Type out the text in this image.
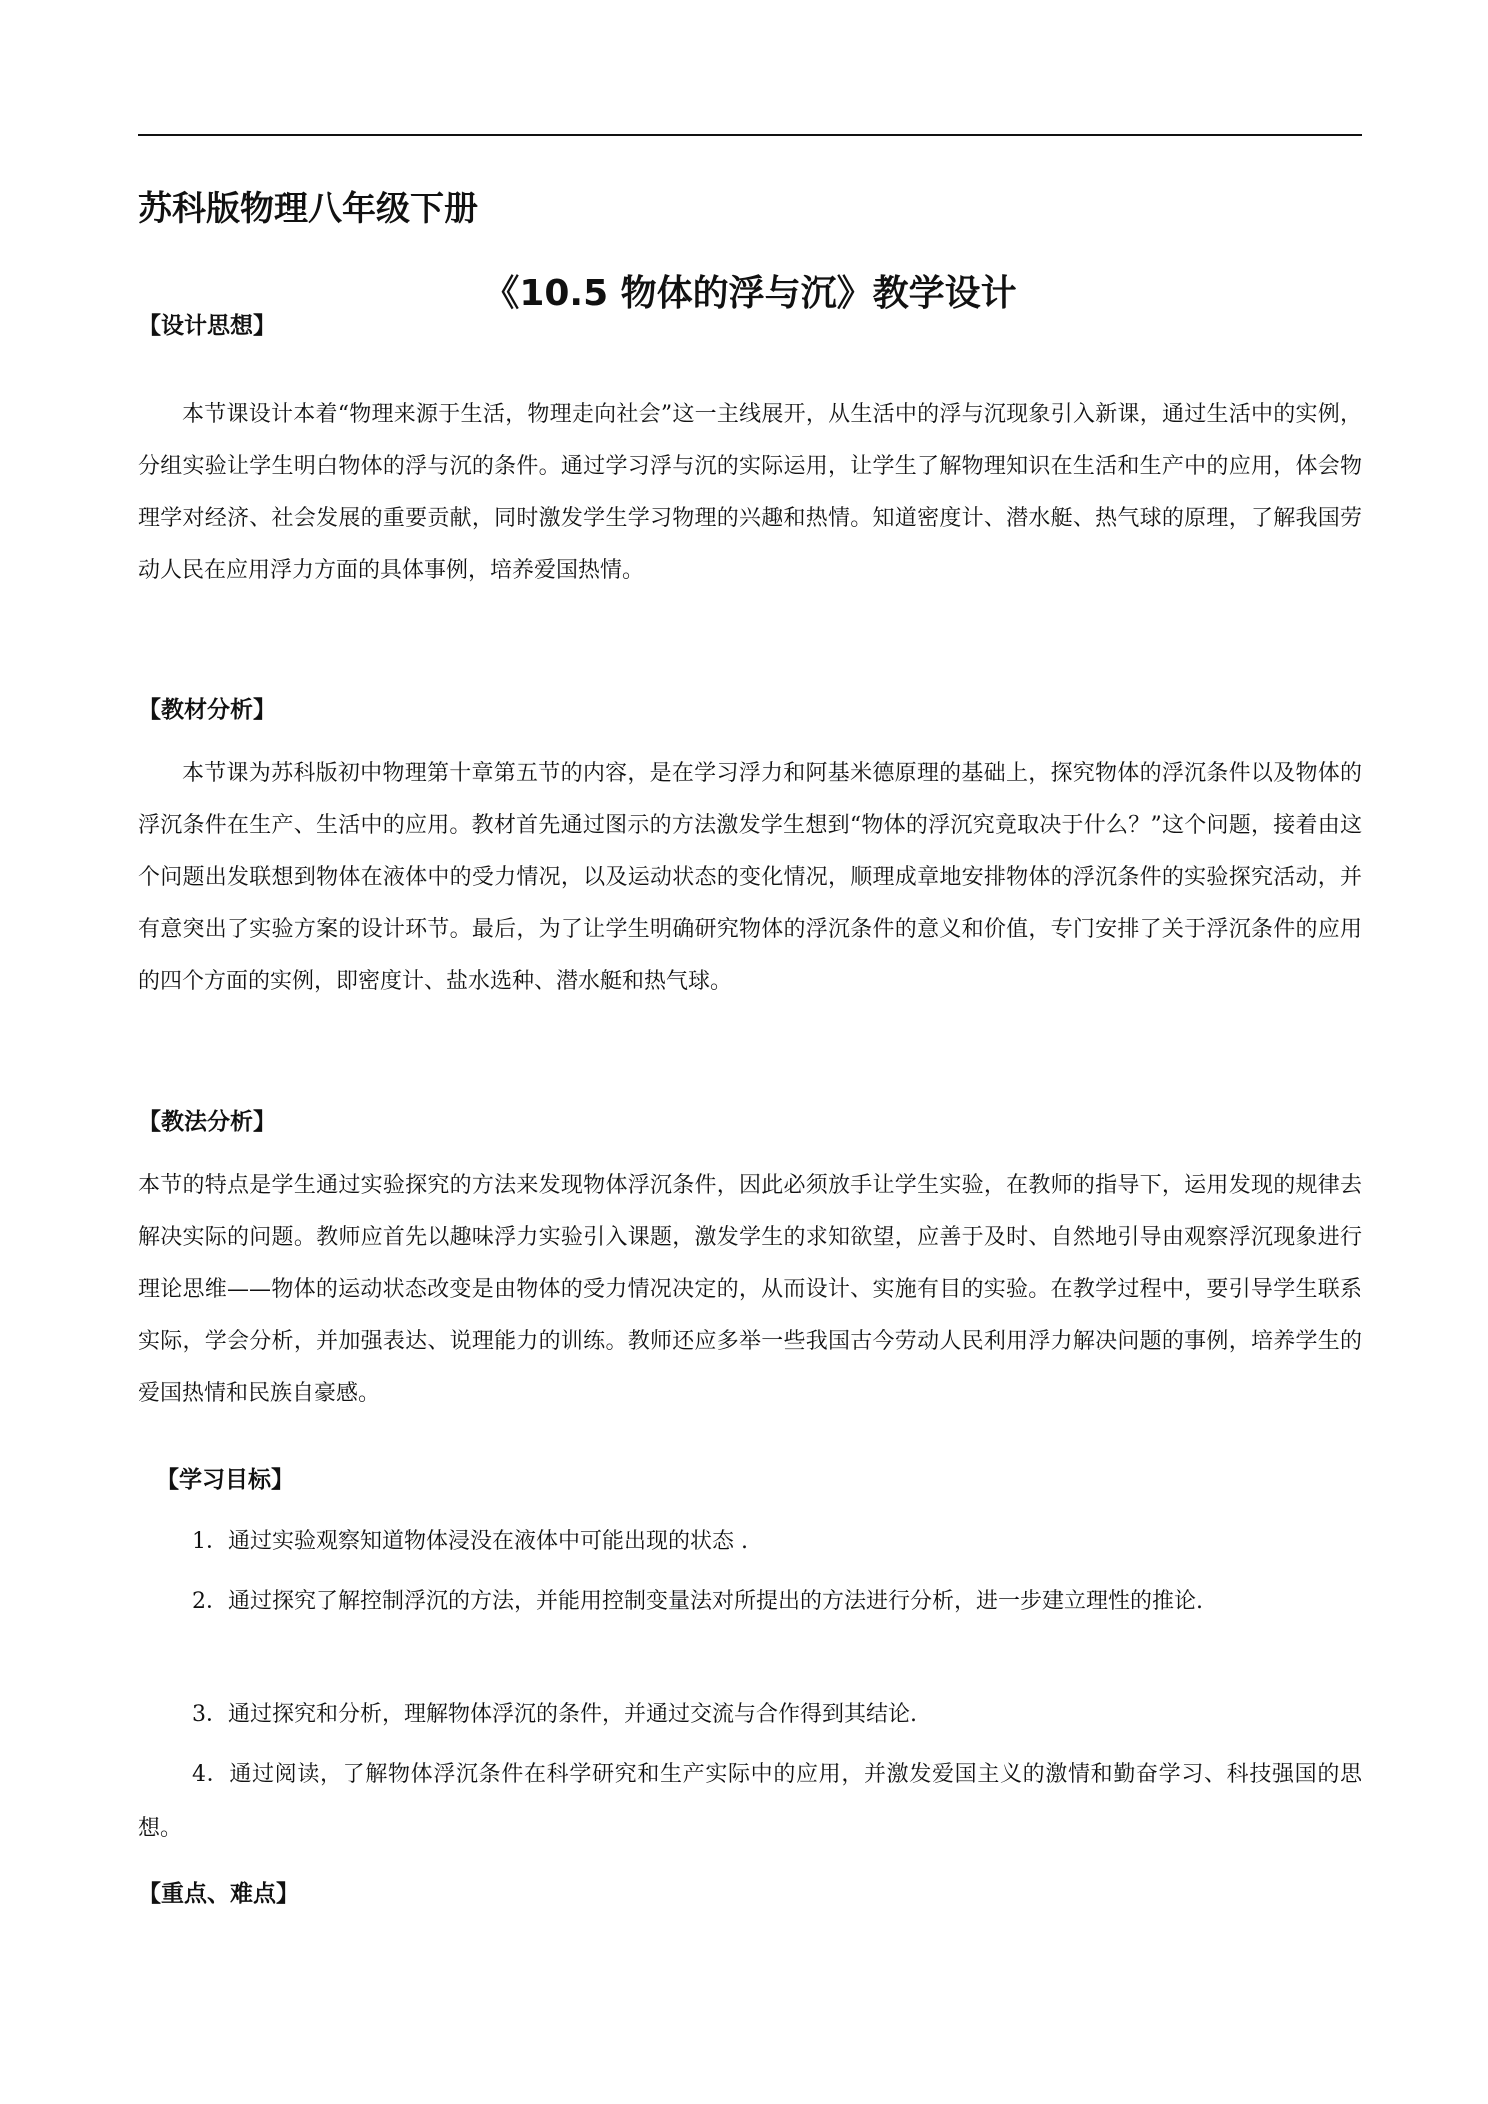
苏科版物理八年级下册
《10.5 物体的浮与沉》教学设计
【设计思想】

本节课设计本着“物理来源于生活，物理走向社会”这一主线展开，从生活中的浮与沉现象引入新课，通过生活中的实例，分组实验让学生明白物体的浮与沉的条件。通过学习浮与沉的实际运用，让学生了解物理知识在生活和生产中的应用，体会物理学对经济、社会发展的重要贡献，同时激发学生学习物理的兴趣和热情。知道密度计、潜水艇、热气球的原理，了解我国劳动人民在应用浮力方面的具体事例，培养爱国热情。

【教材分析】

本节课为苏科版初中物理第十章第五节的内容，是在学习浮力和阿基米德原理的基础上，探究物体的浮沉条件以及物体的浮沉条件在生产、生活中的应用。教材首先通过图示的方法激发学生想到“物体的浮沉究竟取决于什么？”这个问题，接着由这个问题出发联想到物体在液体中的受力情况，以及运动状态的变化情况，顺理成章地安排物体的浮沉条件的实验探究活动，并有意突出了实验方案的设计环节。最后，为了让学生明确研究物体的浮沉条件的意义和价值，专门安排了关于浮沉条件的应用的四个方面的实例，即密度计、盐水选种、潜水艇和热气球。

【教法分析】

本节的特点是学生通过实验探究的方法来发现物体浮沉条件，因此必须放手让学生实验，在教师的指导下，运用发现的规律去解决实际的问题。教师应首先以趣味浮力实验引入课题，激发学生的求知欲望，应善于及时、自然地引导由观察浮沉现象进行理论思维——物体的运动状态改变是由物体的受力情况决定的，从而设计、实施有目的实验。在教学过程中，要引导学生联系实际，学会分析，并加强表达、说理能力的训练。教师还应多举一些我国古今劳动人民利用浮力解决问题的事例，培养学生的爱国热情和民族自豪感。

【学习目标】

1．通过实验观察知道物体浸没在液体中可能出现的状态 .

2．通过探究了解控制浮沉的方法，并能用控制变量法对所提出的方法进行分析，进一步建立理性的推论.

3．通过探究和分析，理解物体浮沉的条件，并通过交流与合作得到其结论.

4．通过阅读，了解物体浮沉条件在科学研究和生产实际中的应用，并激发爱国主义的激情和勤奋学习、科技强国的思想。

【重点、难点】
